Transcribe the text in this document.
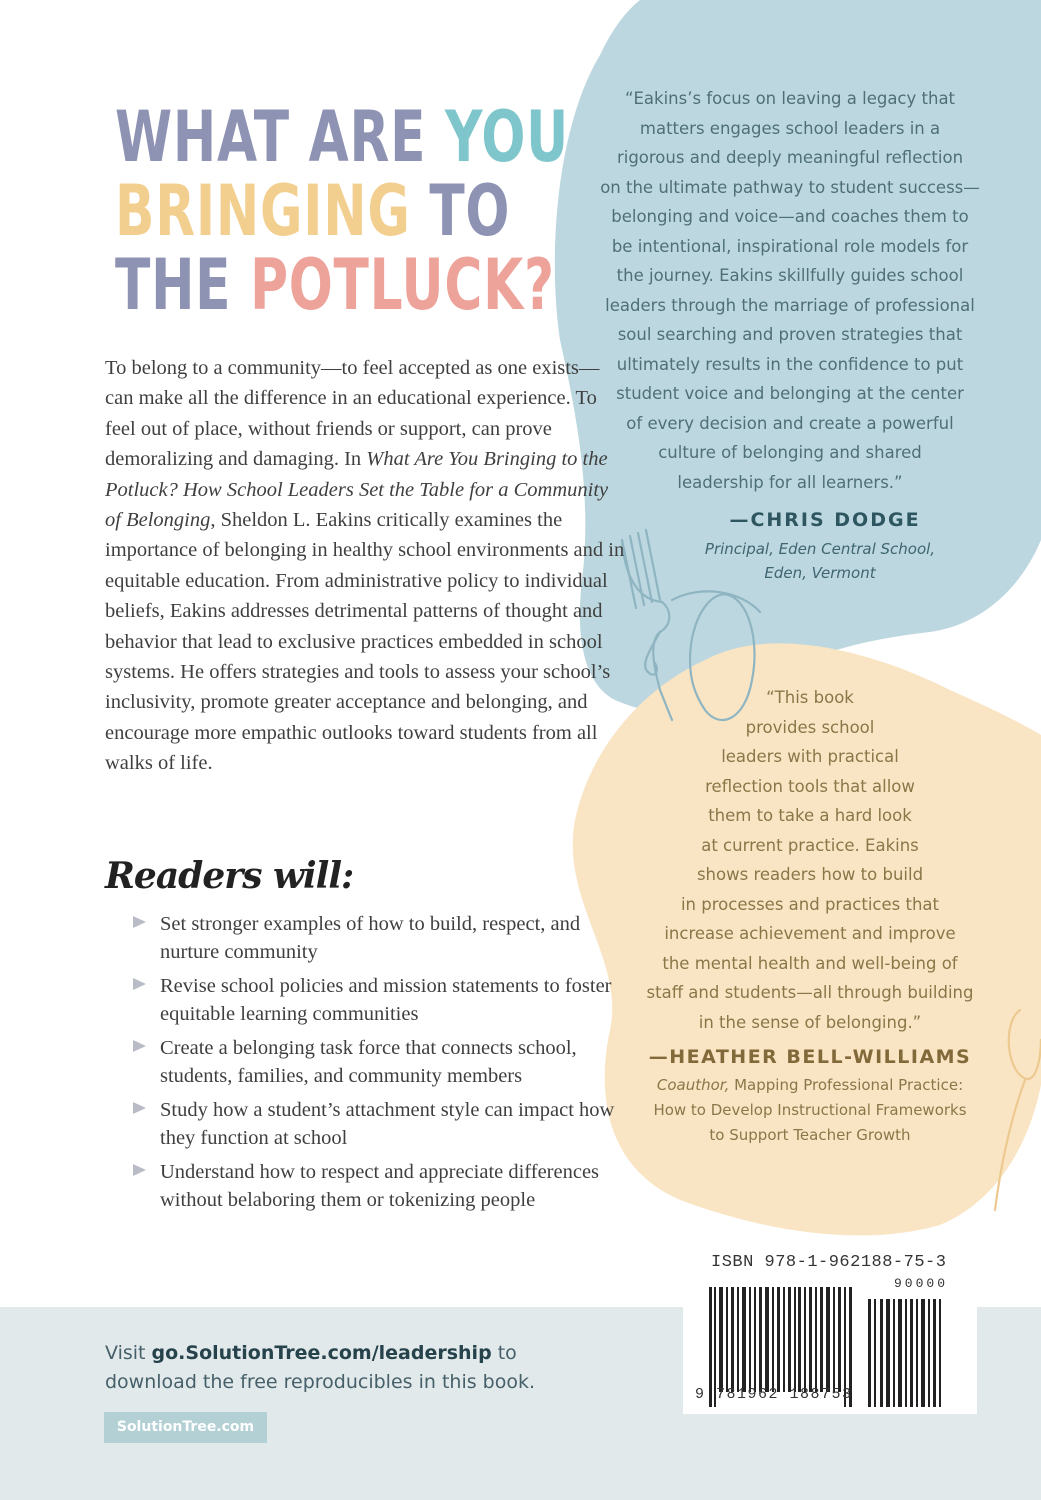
WHAT ARE YOU
BRINGING TO
THE POTLUCK?

To belong to a community—to feel accepted as one exists—can make all the difference in an educational experience. To feel out of place, without friends or support, can prove demoralizing and damaging. In What Are You Bringing to the Potluck? How School Leaders Set the Table for a Community of Belonging, Sheldon L. Eakins critically examines the importance of belonging in healthy school environments and in equitable education. From administrative policy to individual beliefs, Eakins addresses detrimental patterns of thought and behavior that lead to exclusive practices embedded in school systems. He offers strategies and tools to assess your school’s inclusivity, promote greater acceptance and belonging, and encourage more empathic outlooks toward students from all walks of life.

Readers will:
Set stronger examples of how to build, respect, and nurture community
Revise school policies and mission statements to foster equitable learning communities
Create a belonging task force that connects school, students, families, and community members
Study how a student’s attachment style can impact how they function at school
Understand how to respect and appreciate differences without belaboring them or tokenizing people
“Eakins’s focus on leaving a legacy that
matters engages school leaders in a
rigorous and deeply meaningful reflection
on the ultimate pathway to student success—
belonging and voice—and coaches them to
be intentional, inspirational role models for
the journey. Eakins skillfully guides school
leaders through the marriage of professional
soul searching and proven strategies that
ultimately results in the confidence to put
student voice and belonging at the center
of every decision and create a powerful
culture of belonging and shared
leadership for all learners.”

—CHRIS DODGE

Principal, Eden Central School,
Eden, Vermont

“This book
provides school
leaders with practical
reflection tools that allow
them to take a hard look
at current practice. Eakins
shows readers how to build
in processes and practices that
increase achievement and improve
the mental health and well-being of
staff and students—all through building
in the sense of belonging.”

—HEATHER BELL-WILLIAMS

Coauthor, Mapping Professional Practice:
How to Develop Instructional Frameworks
to Support Teacher Growth

Visit go.SolutionTree.com/leadership to
download the free reproducibles in this book.

SolutionTree.com

ISBN 978-1-962188-75-3

90000

9 781962 188753
